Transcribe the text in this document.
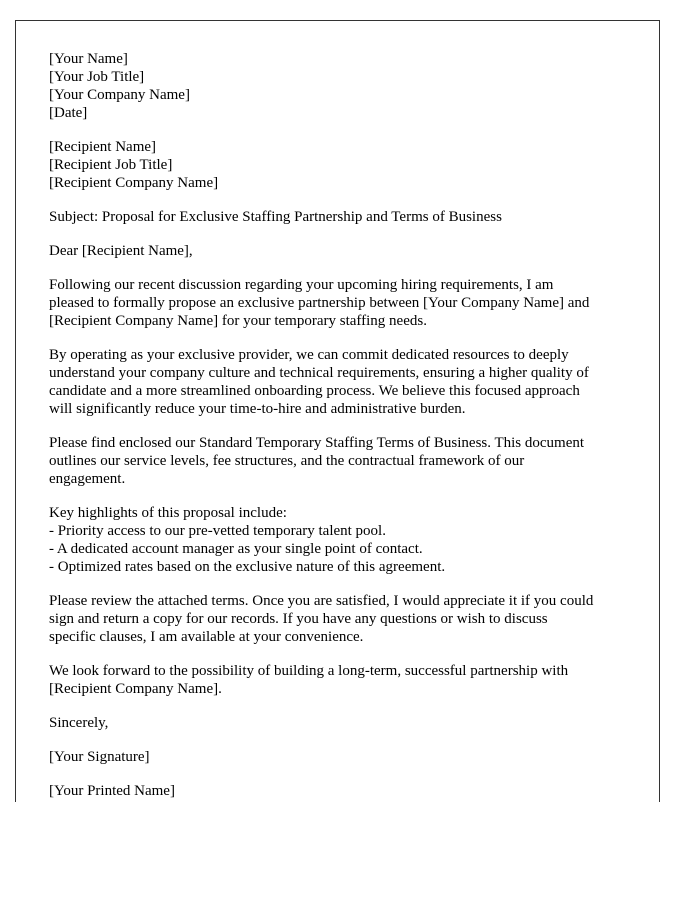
[Your Name]
[Your Job Title]
[Your Company Name]
[Date]
[Recipient Name]
[Recipient Job Title]
[Recipient Company Name]
Subject: Proposal for Exclusive Staffing Partnership and Terms of Business
Dear [Recipient Name],
Following our recent discussion regarding your upcoming hiring requirements, I am
pleased to formally propose an exclusive partnership between [Your Company Name] and
[Recipient Company Name] for your temporary staffing needs.
By operating as your exclusive provider, we can commit dedicated resources to deeply
understand your company culture and technical requirements, ensuring a higher quality of
candidate and a more streamlined onboarding process. We believe this focused approach
will significantly reduce your time-to-hire and administrative burden.
Please find enclosed our Standard Temporary Staffing Terms of Business. This document
outlines our service levels, fee structures, and the contractual framework of our
engagement.
Key highlights of this proposal include:
- Priority access to our pre-vetted temporary talent pool.
- A dedicated account manager as your single point of contact.
- Optimized rates based on the exclusive nature of this agreement.
Please review the attached terms. Once you are satisfied, I would appreciate it if you could
sign and return a copy for our records. If you have any questions or wish to discuss
specific clauses, I am available at your convenience.
We look forward to the possibility of building a long-term, successful partnership with
[Recipient Company Name].
Sincerely,
[Your Signature]
[Your Printed Name]
